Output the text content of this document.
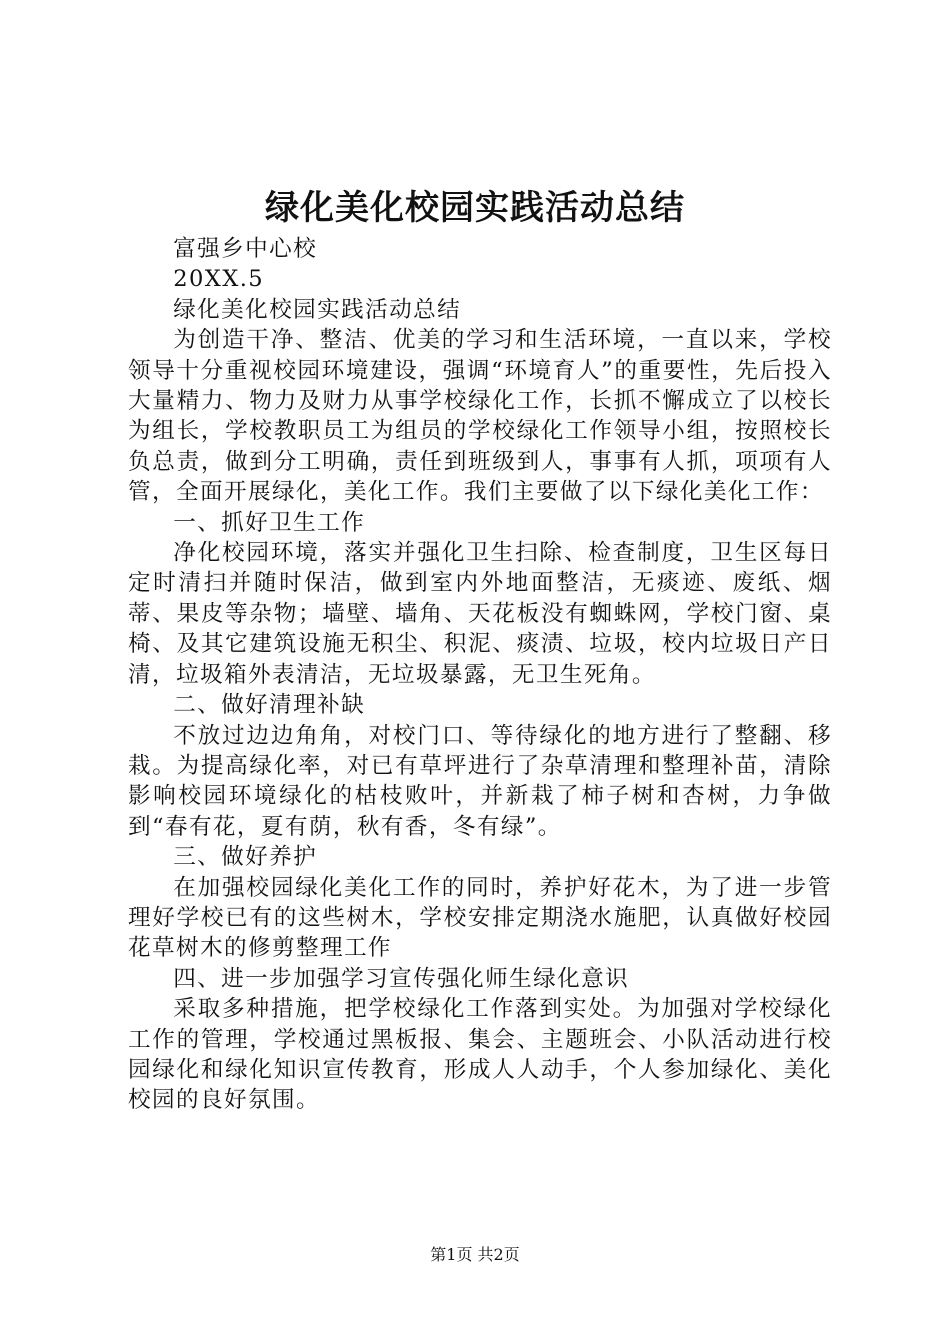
绿化美化校园实践活动总结

富强乡中心校

20XX.5

绿化美化校园实践活动总结

为创造干净、整洁、优美的学习和生活环境，一直以来，学校领导十分重视校园环境建设，强调“环境育人”的重要性，先后投入大量精力、物力及财力从事学校绿化工作，长抓不懈成立了以校长为组长，学校教职员工为组员的学校绿化工作领导小组，按照校长负总责，做到分工明确，责任到班级到人，事事有人抓，项项有人管，全面开展绿化，美化工作。我们主要做了以下绿化美化工作：

一、抓好卫生工作

净化校园环境，落实并强化卫生扫除、检查制度，卫生区每日定时清扫并随时保洁，做到室内外地面整洁，无痰迹、废纸、烟蒂、果皮等杂物；墙壁、墙角、天花板没有蜘蛛网，学校门窗、桌椅、及其它建筑设施无积尘、积泥、痰渍、垃圾，校内垃圾日产日清，垃圾箱外表清洁，无垃圾暴露，无卫生死角。

二、做好清理补缺

不放过边边角角，对校门口、等待绿化的地方进行了整翻、移栽。为提高绿化率，对已有草坪进行了杂草清理和整理补苗，清除影响校园环境绿化的枯枝败叶，并新栽了柿子树和杏树，力争做到“春有花，夏有荫，秋有香，冬有绿”。

三、做好养护

在加强校园绿化美化工作的同时，养护好花木，为了进一步管理好学校已有的这些树木，学校安排定期浇水施肥，认真做好校园花草树木的修剪整理工作

四、进一步加强学习宣传强化师生绿化意识

采取多种措施，把学校绿化工作落到实处。为加强对学校绿化工作的管理，学校通过黑板报、集会、主题班会、小队活动进行校园绿化和绿化知识宣传教育，形成人人动手，个人参加绿化、美化校园的良好氛围。

第1页 共2页
